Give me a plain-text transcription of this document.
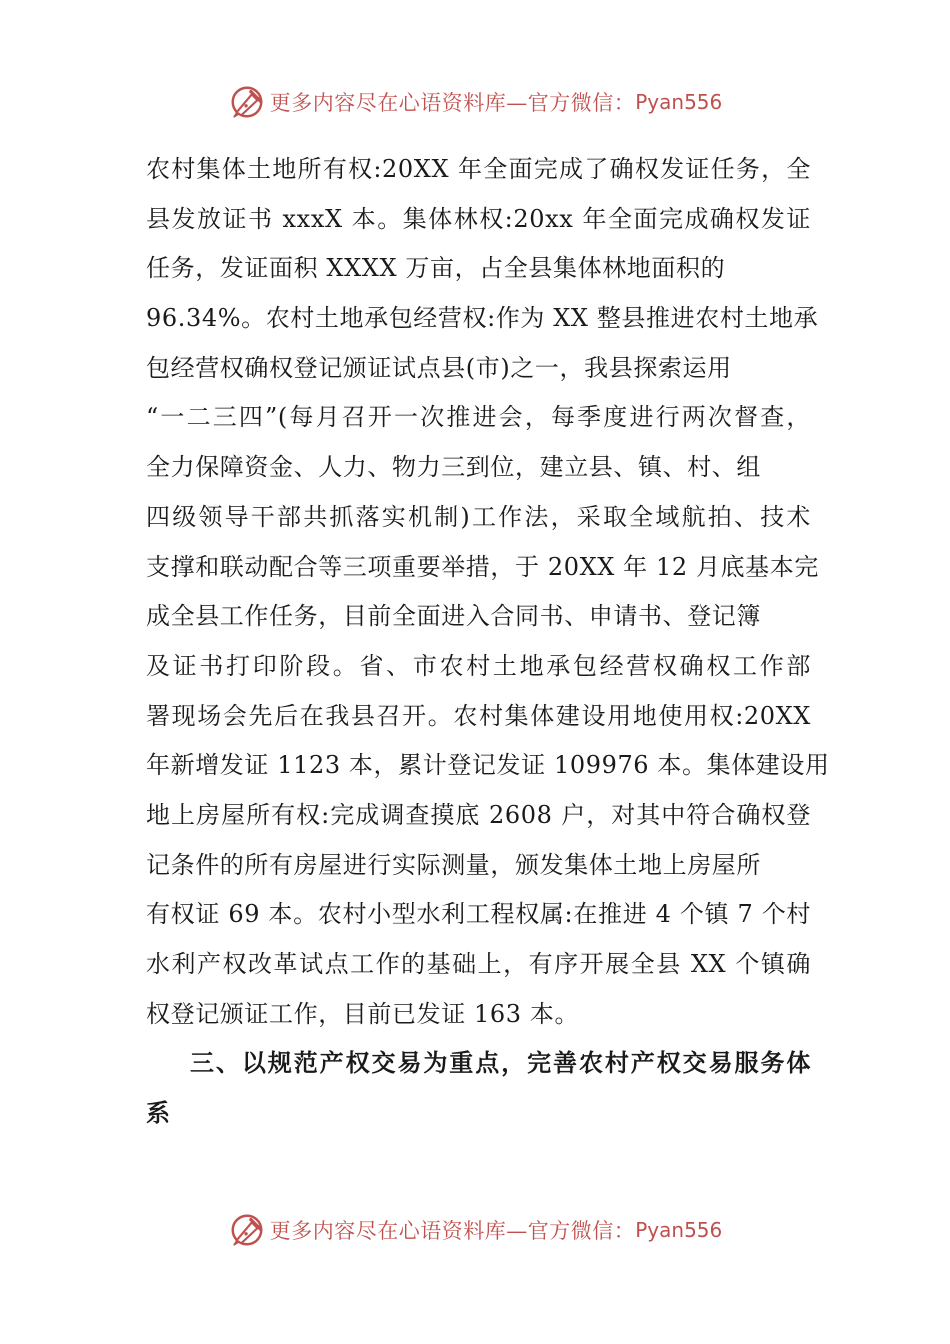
更多内容尽在心语资料库—官方微信： Pyan556
农村集体土地所有权:20XX 年全面完成了确权发证任务，全
县发放证书 xxxX 本。集体林权:20xx 年全面完成确权发证
任务，发证面积 XXXX 万亩，占全县集体林地面积的
96.34%。农村土地承包经营权:作为 XX 整县推进农村土地承
包经营权确权登记颁证试点县(市)之一，我县探索运用
“一二三四”(每月召开一次推进会，每季度进行两次督查，
全力保障资金、人力、物力三到位，建立县、镇、村、组
四级领导干部共抓落实机制)工作法，采取全域航拍、技术
支撑和联动配合等三项重要举措，于 20XX 年 12 月底基本完
成全县工作任务，目前全面进入合同书、申请书、登记簿
及证书打印阶段。省、市农村土地承包经营权确权工作部
署现场会先后在我县召开。农村集体建设用地使用权:20XX
年新增发证 1123 本，累计登记发证 109976 本。集体建设用
地上房屋所有权:完成调查摸底 2608 户，对其中符合确权登
记条件的所有房屋进行实际测量，颁发集体土地上房屋所
有权证 69 本。农村小型水利工程权属:在推进 4 个镇 7 个村
水利产权改革试点工作的基础上，有序开展全县 XX 个镇确
权登记颁证工作，目前已发证 163 本。
三、以规范产权交易为重点，完善农村产权交易服务体
系
更多内容尽在心语资料库—官方微信： Pyan556
